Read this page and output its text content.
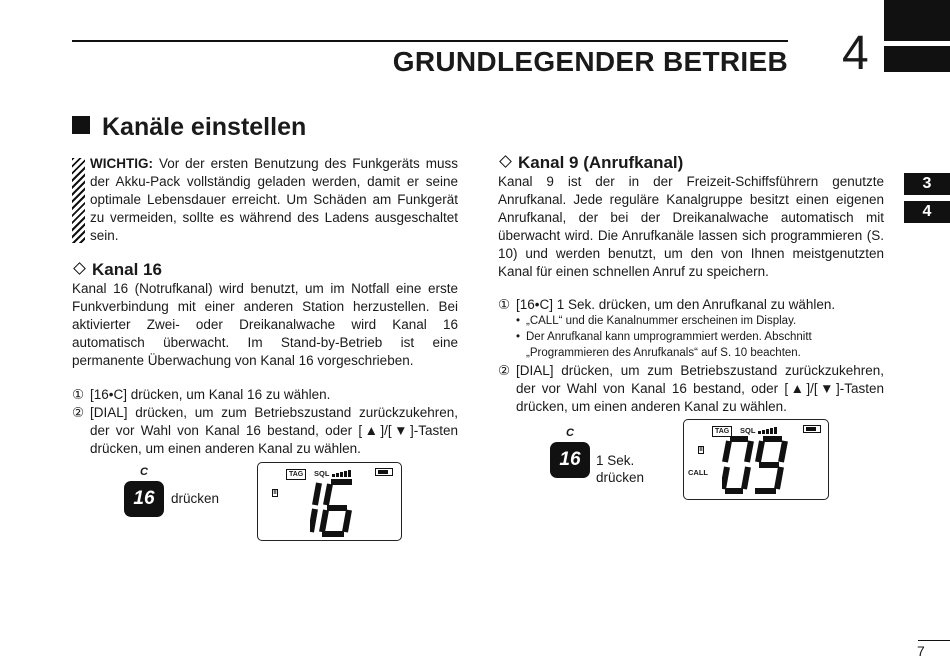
GRUNDLEGENDER BETRIEB 4
3
4
Kanäle einstellen
WICHTIG: Vor der ersten Benutzung des Funkgeräts muss der Akku-Pack vollständig geladen werden, damit er seine optimale Lebensdauer erreicht. Um Schäden am Funkgerät zu vermeiden, sollte es während des Ladens ausgeschaltet sein.
Kanal 16
Kanal 16 (Notrufkanal) wird benutzt, um im Notfall eine erste Funkverbindung mit einer anderen Station herzustellen. Bei aktivierter Zwei- oder Dreikanalwache wird Kanal 16 automatisch überwacht. Im Stand-by-Betrieb ist eine permanente Überwachung von Kanal 16 vorgeschrieben.
① [16•C] drücken, um Kanal 16 zu wählen.
② [DIAL] drücken, um zum Betriebszustand zurückzukehren, der vor Wahl von Kanal 16 bestand, oder [▲]/[▼]-Tasten drücken, um einen anderen Kanal zu wählen.
C
16	drücken
TAG	SQL
II
Kanal 9 (Anrufkanal)
Kanal 9 ist der in der Freizeit-Schiffsführern genutzte Anrufkanal. Jede reguläre Kanalgruppe besitzt einen eigenen Anrufkanal, der bei der Dreikanalwache automatisch mit überwacht wird. Die Anrufkanäle lassen sich programmieren (S. 10) und werden benutzt, um den von Ihnen meistgenutzten Kanal für einen schnellen Anruf zu speichern.
① [16•C] 1 Sek. drücken, um den Anrufkanal zu wählen.
• „CALL“ und die Kanalnummer erscheinen im Display.
• Der Anrufkanal kann umprogrammiert werden. Abschnitt „Programmieren des Anrufkanals“ auf S. 10 beachten.
② [DIAL] drücken, um zum Betriebszustand zurückzukehren, der vor Wahl von Kanal 16 bestand, oder [▲]/[▼]-Tasten drücken, um einen anderen Kanal zu wählen.
C
16	1 Sek.
drücken
TAG	SQL
II
CALL
7
